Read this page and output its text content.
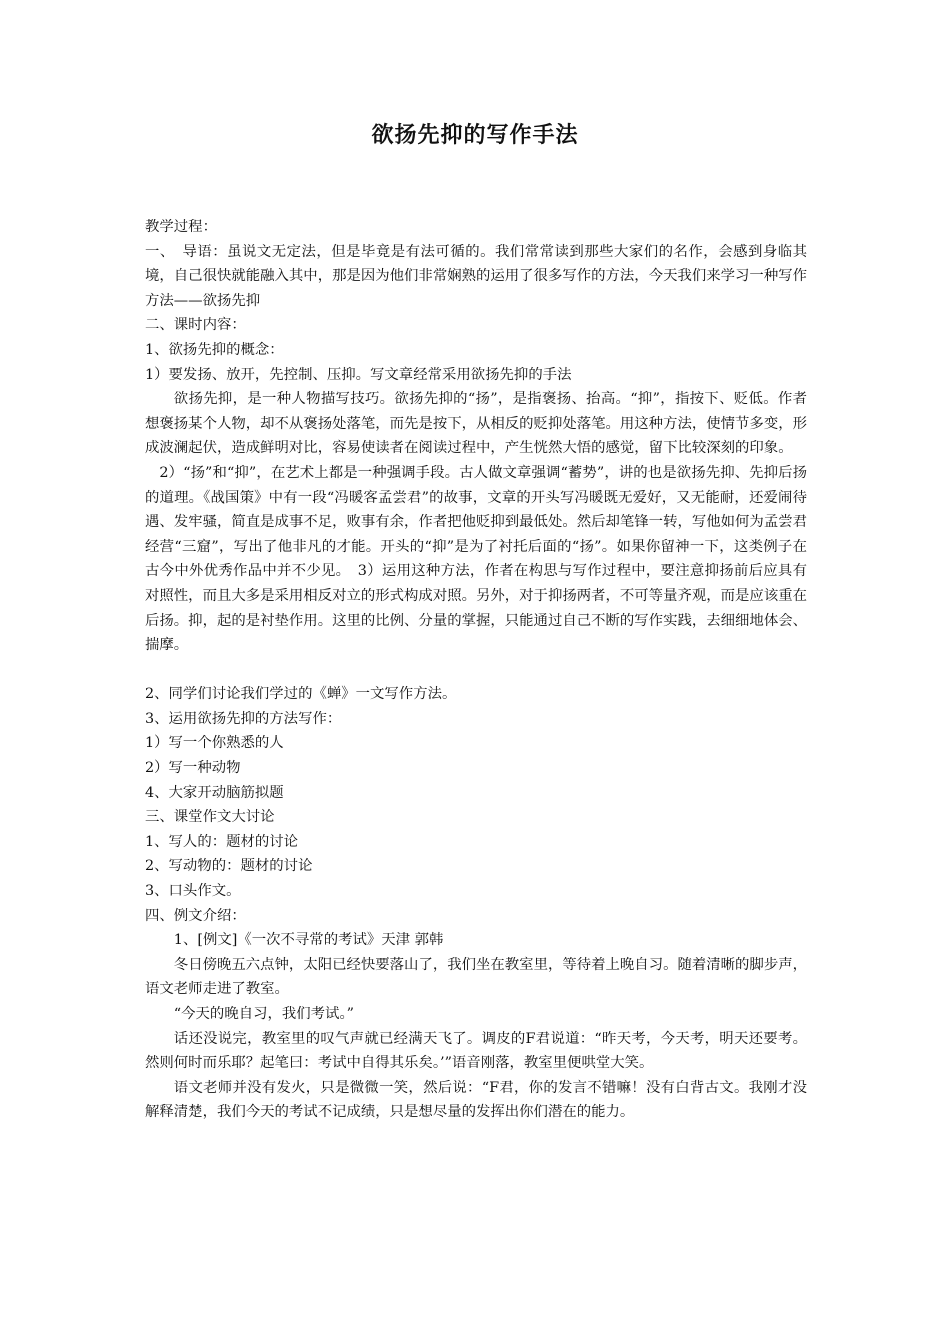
欲扬先抑的写作手法

教学过程：

一、　导语：虽说文无定法，但是毕竟是有法可循的。我们常常读到那些大家们的名作，会感到身临其境，自己很快就能融入其中，那是因为他们非常娴熟的运用了很多写作的方法，今天我们来学习一种写作方法——欲扬先抑

二、课时内容：

1、欲扬先抑的概念：

1）要发扬、放开，先控制、压抑。写文章经常采用欲扬先抑的手法

欲扬先抑，是一种人物描写技巧。欲扬先抑的“扬”，是指褒扬、抬高。“抑”，指按下、贬低。作者想褒扬某个人物，却不从褒扬处落笔，而先是按下，从相反的贬抑处落笔。用这种方法，使情节多变，形成波澜起伏，造成鲜明对比，容易使读者在阅读过程中，产生恍然大悟的感觉，留下比较深刻的印象。

2）“扬”和“抑”，在艺术上都是一种强调手段。古人做文章强调“蓄势”，讲的也是欲扬先抑、先抑后扬的道理。《战国策》中有一段“冯暖客孟尝君”的故事，文章的开头写冯暖既无爱好，又无能耐，还爱闹待遇、发牢骚，简直是成事不足，败事有余，作者把他贬抑到最低处。然后却笔锋一转，写他如何为孟尝君经营“三窟”，写出了他非凡的才能。开头的“抑”是为了衬托后面的“扬”。如果你留神一下，这类例子在古今中外优秀作品中并不少见。　3）运用这种方法，作者在构思与写作过程中，要注意抑扬前后应具有对照性，而且大多是采用相反对立的形式构成对照。另外，对于抑扬两者，不可等量齐观，而是应该重在后扬。抑，起的是衬垫作用。这里的比例、分量的掌握，只能通过自己不断的写作实践，去细细地体会、揣摩。

2、同学们讨论我们学过的《蝉》一文写作方法。

3、运用欲扬先抑的方法写作：

1）写一个你熟悉的人

2）写一种动物

4、大家开动脑筋拟题

三、课堂作文大讨论

1、写人的：题材的讨论

2、写动物的：题材的讨论

3、口头作文。

四、例文介绍：

1、[例文]《一次不寻常的考试》天津 郭韩

冬日傍晚五六点钟，太阳已经快要落山了，我们坐在教室里，等待着上晚自习。随着清晰的脚步声，语文老师走进了教室。

“今天的晚自习，我们考试。”

话还没说完，教室里的叹气声就已经满天飞了。调皮的F君说道：“昨天考，今天考，明天还要考。然则何时而乐耶？起笔曰：考试中自得其乐矣。’”语音刚落，教室里便哄堂大笑。

语文老师并没有发火，只是微微一笑，然后说：“F君，你的发言不错嘛！没有白背古文。我刚才没解释清楚，我们今天的考试不记成绩，只是想尽量的发挥出你们潜在的能力。
